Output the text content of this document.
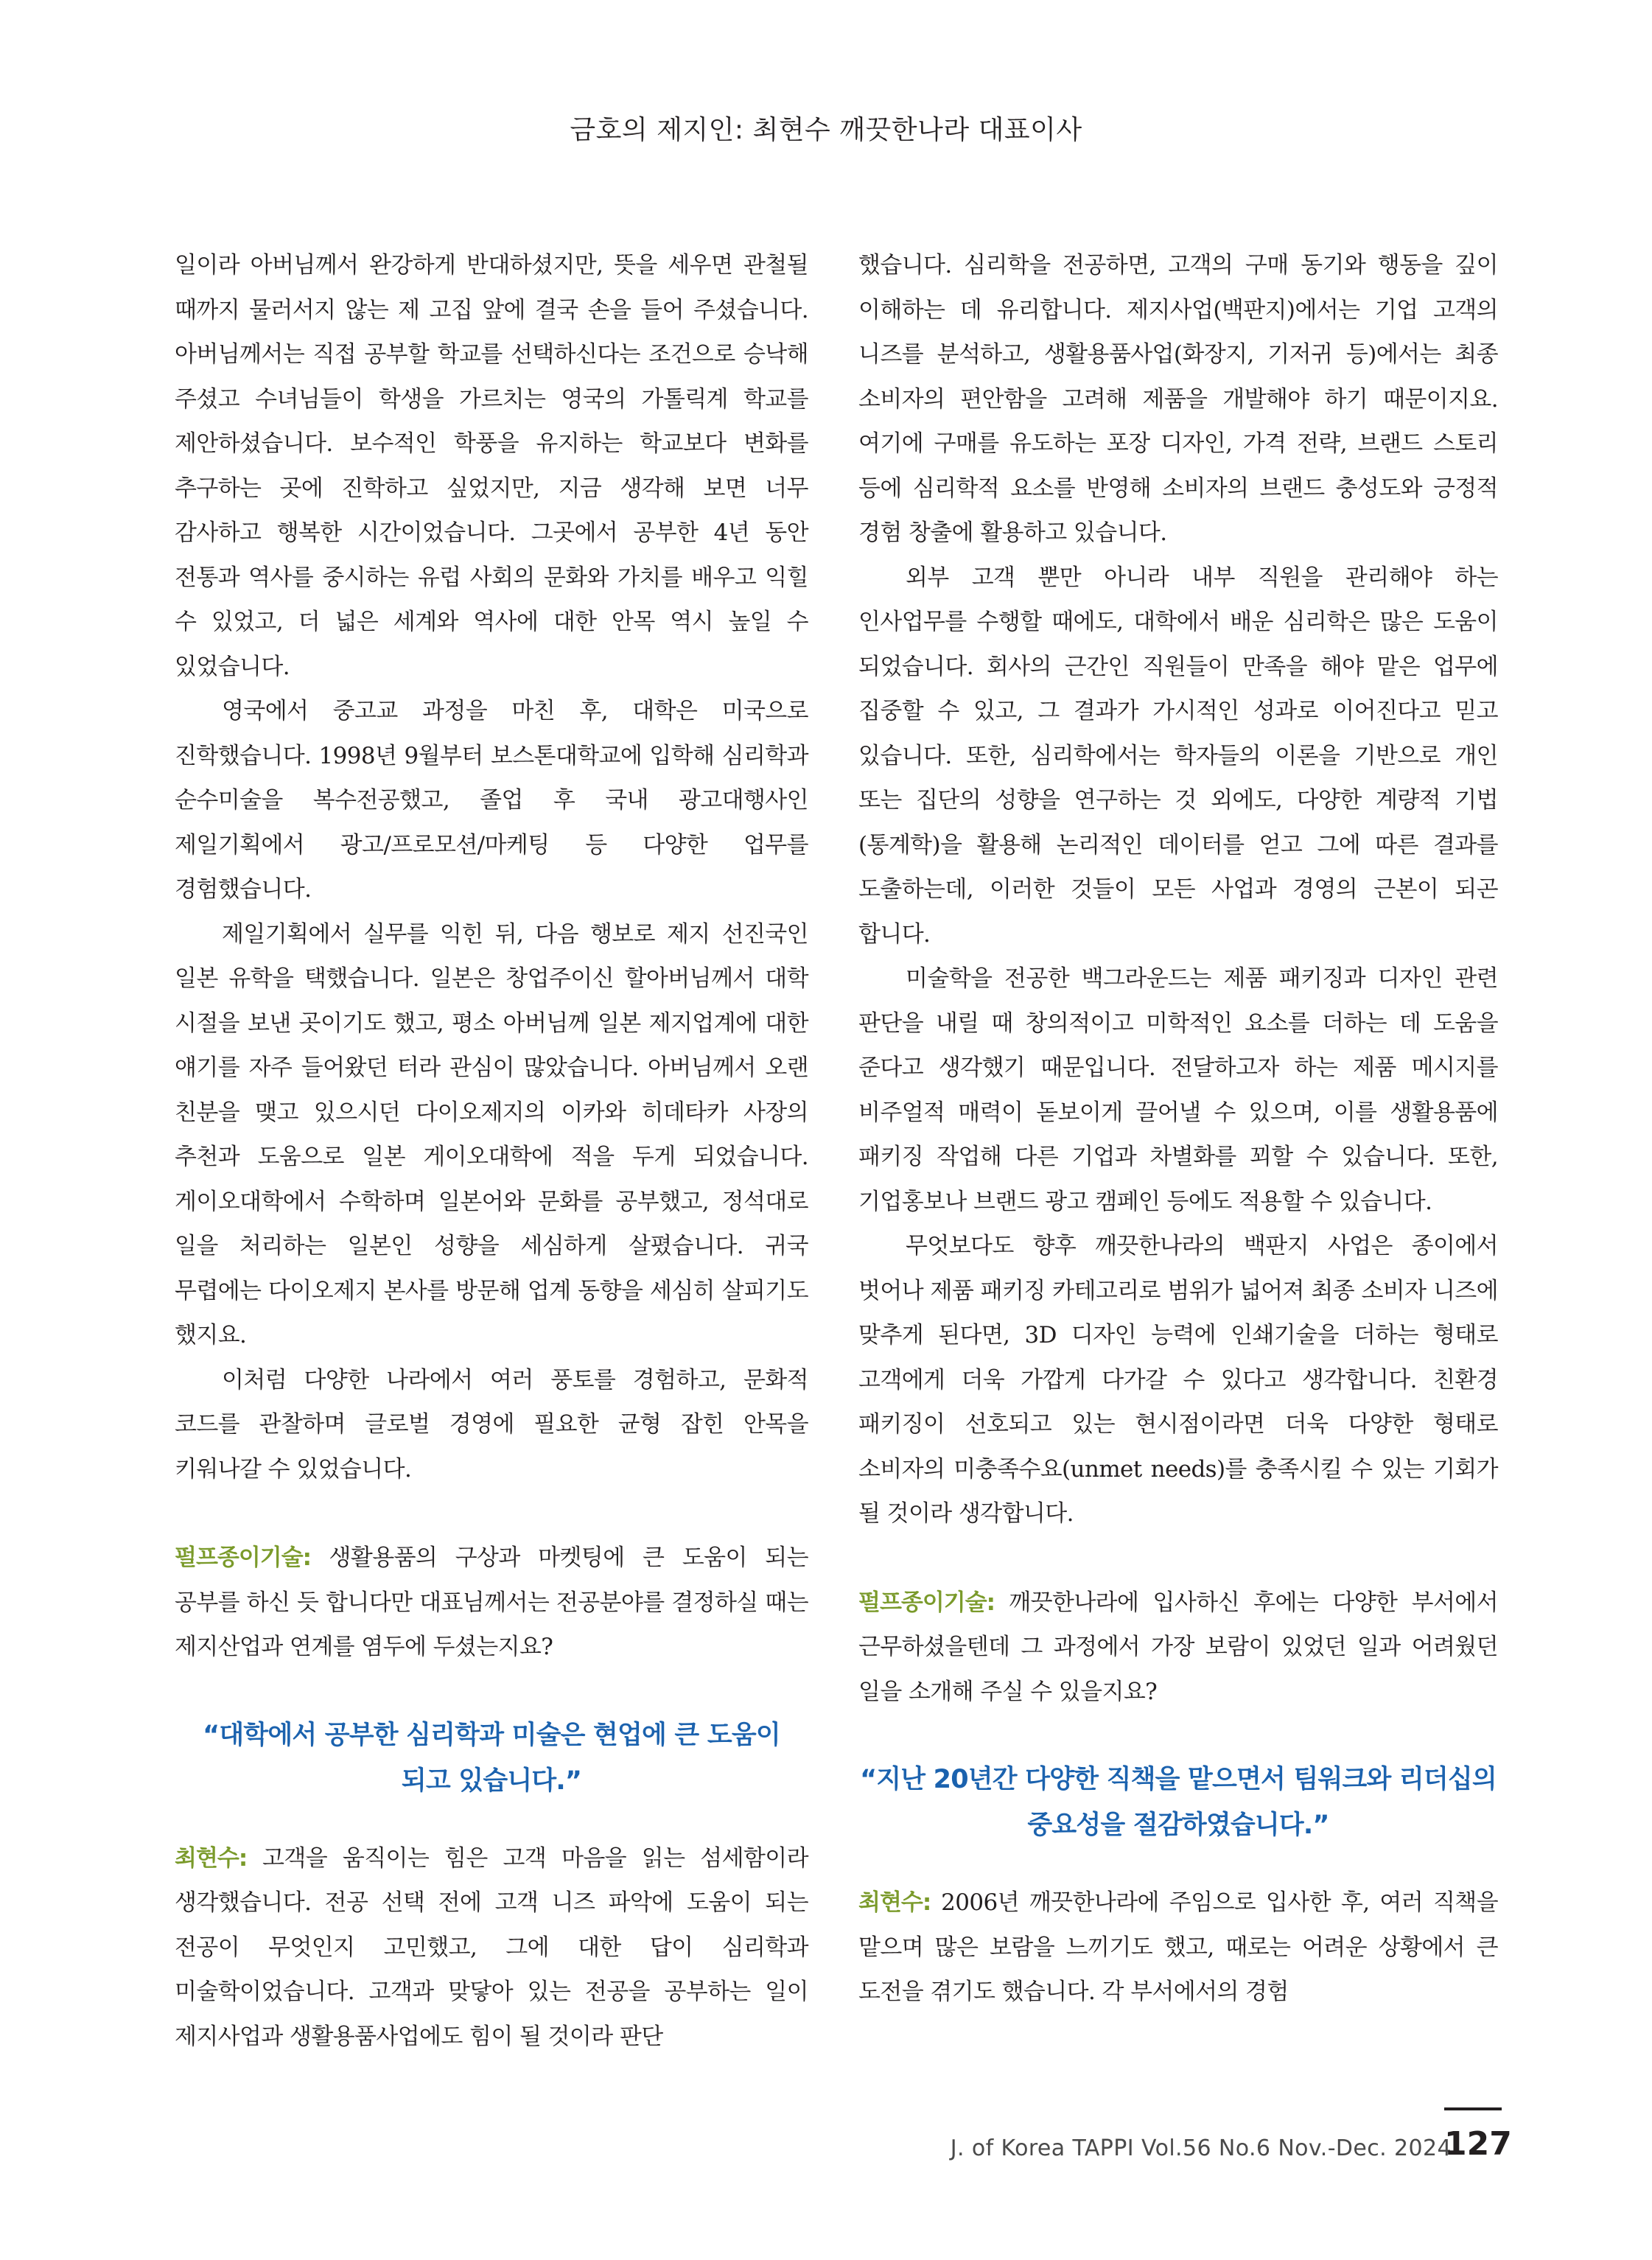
금호의 제지인: 최현수 깨끗한나라 대표이사

일이라 아버님께서 완강하게 반대하셨지만, 뜻을 세우면 관철될 때까지 물러서지 않는 제 고집 앞에 결국 손을 들어 주셨습니다. 아버님께서는 직접 공부할 학교를 선택하신다는 조건으로 승낙해 주셨고 수녀님들이 학생을 가르치는 영국의 가톨릭계 학교를 제안하셨습니다. 보수적인 학풍을 유지하는 학교보다 변화를 추구하는 곳에 진학하고 싶었지만, 지금 생각해 보면 너무 감사하고 행복한 시간이었습니다. 그곳에서 공부한 4년 동안 전통과 역사를 중시하는 유럽 사회의 문화와 가치를 배우고 익힐 수 있었고, 더 넓은 세계와 역사에 대한 안목 역시 높일 수 있었습니다.

영국에서 중고교 과정을 마친 후, 대학은 미국으로 진학했습니다. 1998년 9월부터 보스톤대학교에 입학해 심리학과 순수미술을 복수전공했고, 졸업 후 국내 광고대행사인 제일기획에서 광고/프로모션/마케팅 등 다양한 업무를 경험했습니다.

제일기획에서 실무를 익힌 뒤, 다음 행보로 제지 선진국인 일본 유학을 택했습니다. 일본은 창업주이신 할아버님께서 대학 시절을 보낸 곳이기도 했고, 평소 아버님께 일본 제지업계에 대한 얘기를 자주 들어왔던 터라 관심이 많았습니다. 아버님께서 오랜 친분을 맺고 있으시던 다이오제지의 이카와 히데타카 사장의 추천과 도움으로 일본 게이오대학에 적을 두게 되었습니다. 게이오대학에서 수학하며 일본어와 문화를 공부했고, 정석대로 일을 처리하는 일본인 성향을 세심하게 살폈습니다. 귀국 무렵에는 다이오제지 본사를 방문해 업계 동향을 세심히 살피기도 했지요.

이처럼 다양한 나라에서 여러 풍토를 경험하고, 문화적 코드를 관찰하며 글로벌 경영에 필요한 균형 잡힌 안목을 키워나갈 수 있었습니다.

펄프종이기술: 생활용품의 구상과 마켓팅에 큰 도움이 되는 공부를 하신 듯 합니다만 대표님께서는 전공분야를 결정하실 때는 제지산업과 연계를 염두에 두셨는지요?

“대학에서 공부한 심리학과 미술은 현업에 큰 도움이 되고 있습니다.”

최현수: 고객을 움직이는 힘은 고객 마음을 읽는 섬세함이라 생각했습니다. 전공 선택 전에 고객 니즈 파악에 도움이 되는 전공이 무엇인지 고민했고, 그에 대한 답이 심리학과 미술학이었습니다. 고객과 맞닿아 있는 전공을 공부하는 일이 제지사업과 생활용품사업에도 힘이 될 것이라 판단

했습니다. 심리학을 전공하면, 고객의 구매 동기와 행동을 깊이 이해하는 데 유리합니다. 제지사업(백판지)에서는 기업 고객의 니즈를 분석하고, 생활용품사업(화장지, 기저귀 등)에서는 최종 소비자의 편안함을 고려해 제품을 개발해야 하기 때문이지요. 여기에 구매를 유도하는 포장 디자인, 가격 전략, 브랜드 스토리 등에 심리학적 요소를 반영해 소비자의 브랜드 충성도와 긍정적 경험 창출에 활용하고 있습니다.

외부 고객 뿐만 아니라 내부 직원을 관리해야 하는 인사업무를 수행할 때에도, 대학에서 배운 심리학은 많은 도움이 되었습니다. 회사의 근간인 직원들이 만족을 해야 맡은 업무에 집중할 수 있고, 그 결과가 가시적인 성과로 이어진다고 믿고 있습니다. 또한, 심리학에서는 학자들의 이론을 기반으로 개인 또는 집단의 성향을 연구하는 것 외에도, 다양한 계량적 기법(통계학)을 활용해 논리적인 데이터를 얻고 그에 따른 결과를 도출하는데, 이러한 것들이 모든 사업과 경영의 근본이 되곤 합니다.

미술학을 전공한 백그라운드는 제품 패키징과 디자인 관련 판단을 내릴 때 창의적이고 미학적인 요소를 더하는 데 도움을 준다고 생각했기 때문입니다. 전달하고자 하는 제품 메시지를 비주얼적 매력이 돋보이게 끌어낼 수 있으며, 이를 생활용품에 패키징 작업해 다른 기업과 차별화를 꾀할 수 있습니다. 또한, 기업홍보나 브랜드 광고 캠페인 등에도 적용할 수 있습니다.

무엇보다도 향후 깨끗한나라의 백판지 사업은 종이에서 벗어나 제품 패키징 카테고리로 범위가 넓어져 최종 소비자 니즈에 맞추게 된다면, 3D 디자인 능력에 인쇄기술을 더하는 형태로 고객에게 더욱 가깝게 다가갈 수 있다고 생각합니다. 친환경 패키징이 선호되고 있는 현시점이라면 더욱 다양한 형태로 소비자의 미충족수요(unmet needs)를 충족시킬 수 있는 기회가 될 것이라 생각합니다.

펄프종이기술: 깨끗한나라에 입사하신 후에는 다양한 부서에서 근무하셨을텐데 그 과정에서 가장 보람이 있었던 일과 어려웠던 일을 소개해 주실 수 있을지요?

“지난 20년간 다양한 직책을 맡으면서 팀워크와 리더십의 중요성을 절감하였습니다.”

최현수: 2006년 깨끗한나라에 주임으로 입사한 후, 여러 직책을 맡으며 많은 보람을 느끼기도 했고, 때로는 어려운 상황에서 큰 도전을 겪기도 했습니다. 각 부서에서의 경험

J. of Korea TAPPI Vol.56 No.6 Nov.-Dec. 2024
127
